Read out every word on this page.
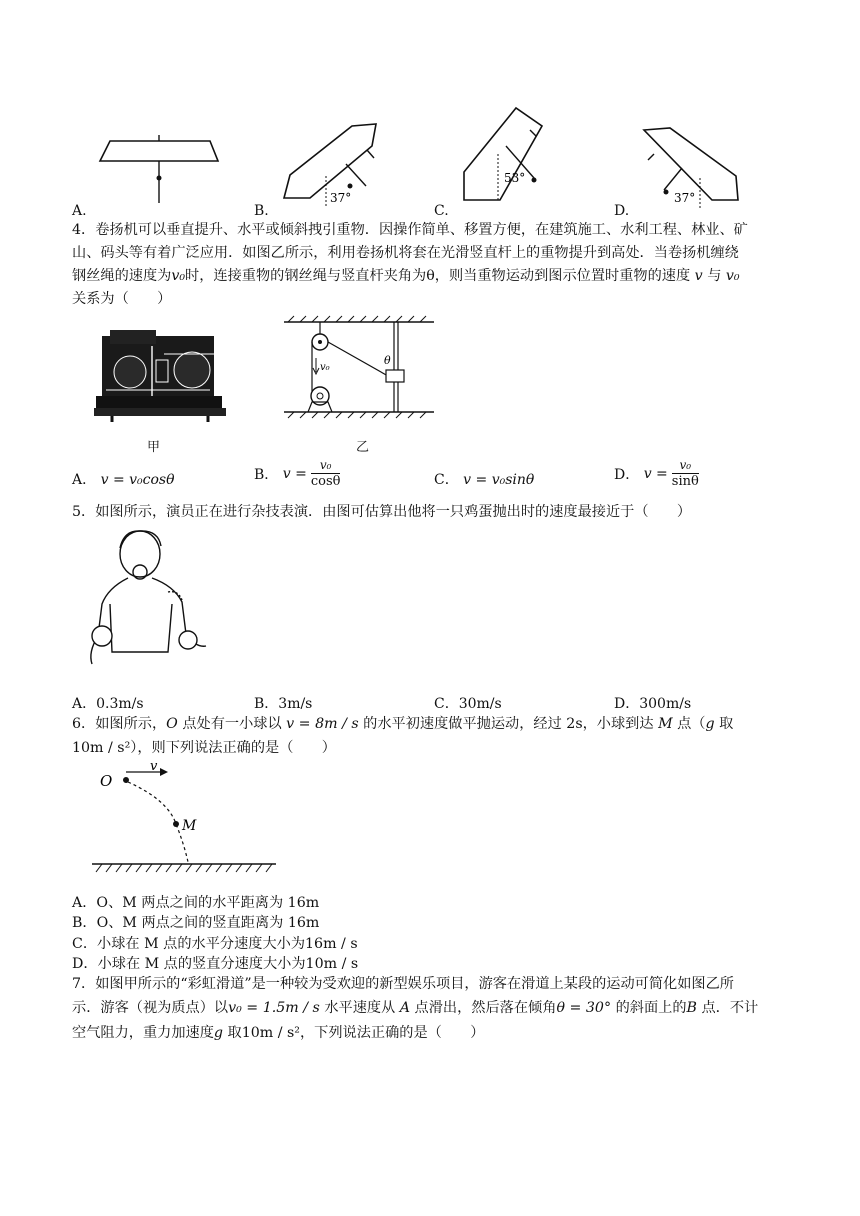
37°
53°
37°
A.	B.	C.	D.
4．卷扬机可以垂直提升、水平或倾斜拽引重物．因操作简单、移置方便，在建筑施工、水利工程、林业、矿
山、码头等有着广泛应用．如图乙所示，利用卷扬机将套在光滑竖直杆上的重物提升到高处．当卷扬机缠绕
钢丝绳的速度为v₀时，连接重物的钢丝绳与竖直杆夹角为θ，则当重物运动到图示位置时重物的速度 v 与 v₀
关系为（　　）
甲
v₀
θ
乙
A． v = v₀cosθ	B． $v = \frac{\text{v₀}}{\cos\theta}$	C． v = v₀sinθ	D． $v = \frac{\text{v₀}}{\sin\theta}$
5．如图所示，演员正在进行杂技表演．由图可估算出他将一只鸡蛋抛出时的速度最接近于（　　）
A．0.3m/s	B．3m/s	C．30m/s	D．300m/s
6．如图所示，O 点处有一小球以 v = 8m / s 的水平初速度做平抛运动，经过 2s，小球到达 M 点（g 取
10m / s²），则下列说法正确的是（　　）
O
v
M
A．O、M 两点之间的水平距离为 16m
B．O、M 两点之间的竖直距离为 16m
C．小球在 M 点的水平分速度大小为16m / s
D．小球在 M 点的竖直分速度大小为10m / s
7．如图甲所示的“彩虹滑道”是一种较为受欢迎的新型娱乐项目，游客在滑道上某段的运动可简化如图乙所
示．游客（视为质点）以v₀ = 1.5m / s 水平速度从 A 点滑出，然后落在倾角θ = 30° 的斜面上的B 点．不计
空气阻力，重力加速度g 取10m / s²，下列说法正确的是（　　）
